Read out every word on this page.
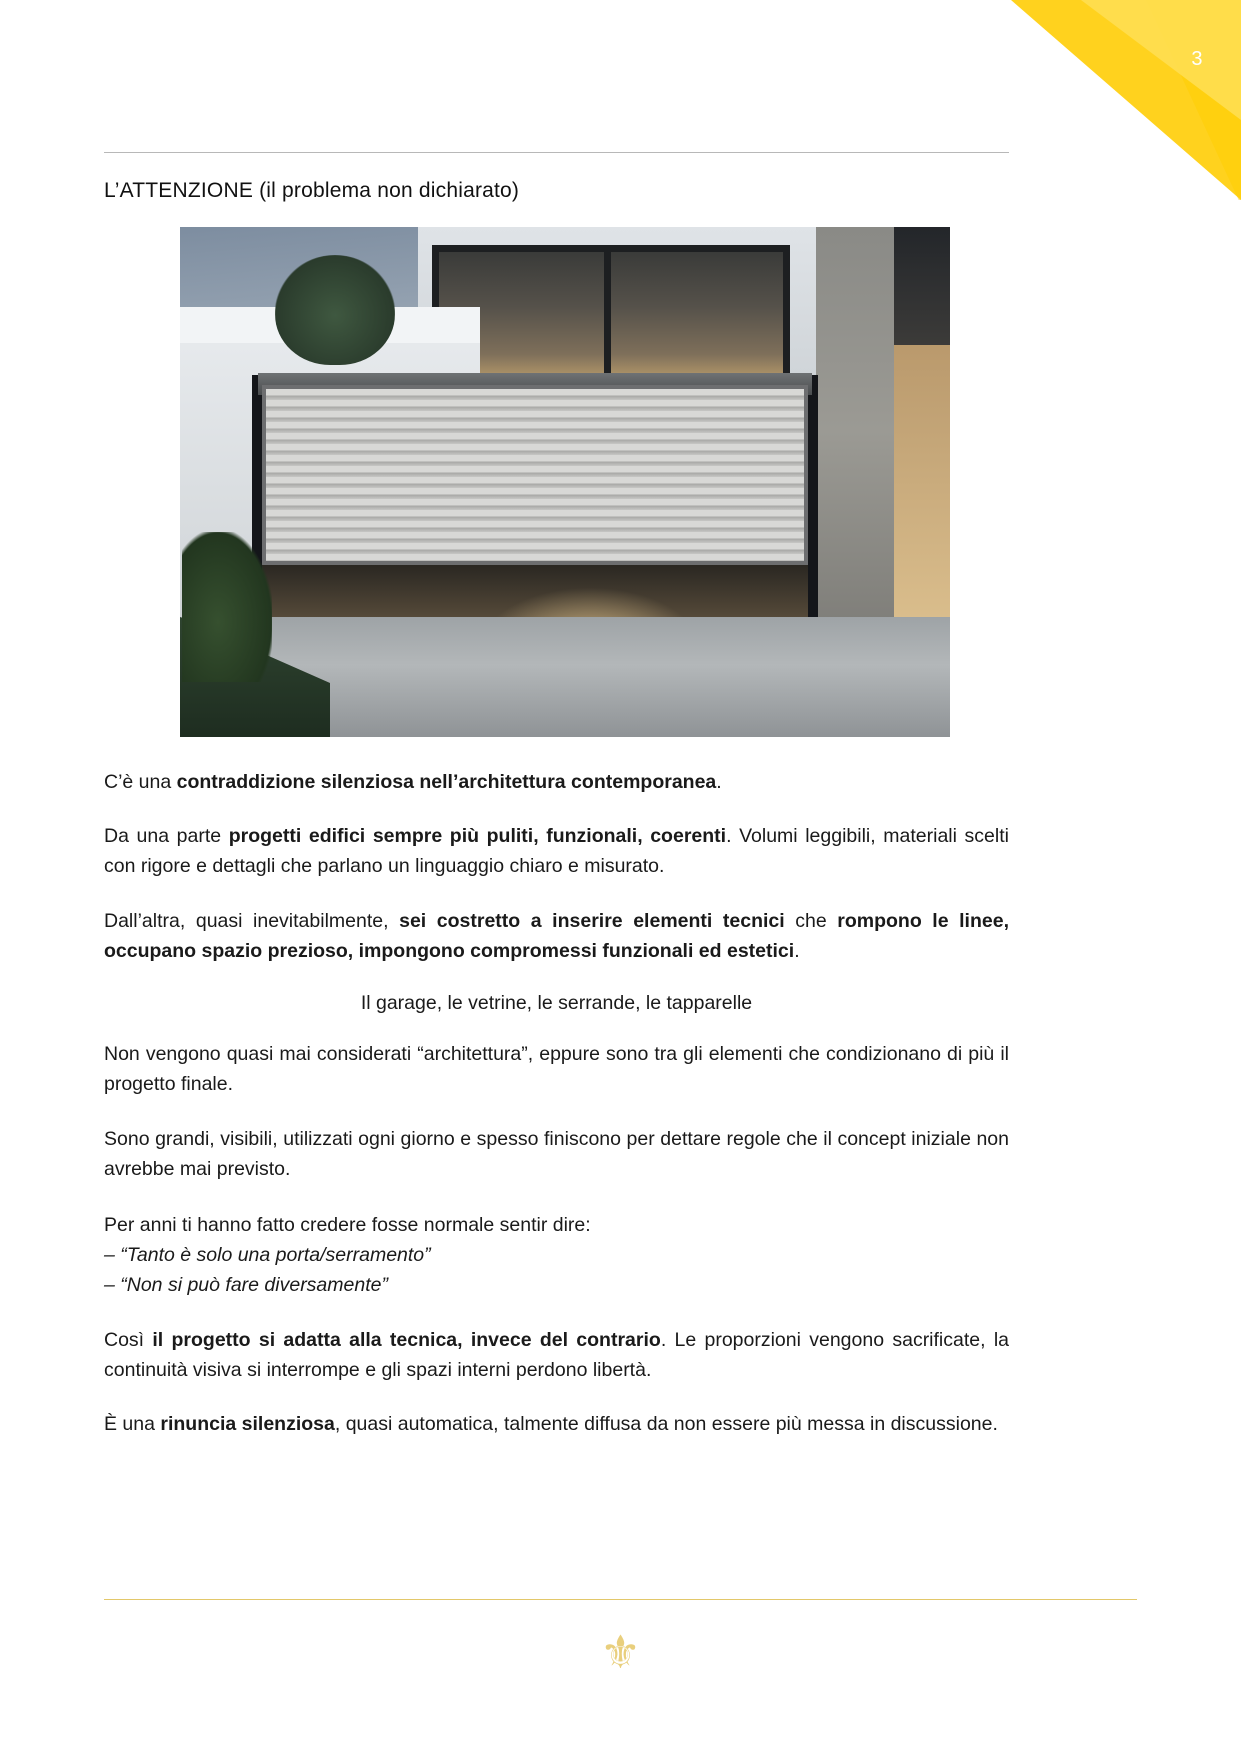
3
L’ATTENZIONE (il problema non dichiarato)

C’è una contraddizione silenziosa nell’architettura contemporanea.

Da una parte progetti edifici sempre più puliti, funzionali, coerenti. Volumi leggibili, materiali scelti con rigore e dettagli che parlano un linguaggio chiaro e misurato.

Dall’altra, quasi inevitabilmente, sei costretto a inserire elementi tecnici che rompono le linee, occupano spazio prezioso, impongono compromessi funzionali ed estetici.

Il garage, le vetrine, le serrande, le tapparelle

Non vengono quasi mai considerati “architettura”, eppure sono tra gli elementi che condizionano di più il progetto finale.

Sono grandi, visibili, utilizzati ogni giorno e spesso finiscono per dettare regole che il concept iniziale non avrebbe mai previsto.

Per anni ti hanno fatto credere fosse normale sentir dire:
– “Tanto è solo una porta/serramento”
– “Non si può fare diversamente”

Così il progetto si adatta alla tecnica, invece del contrario. Le proporzioni vengono sacrificate, la continuità visiva si interrompe e gli spazi interni perdono libertà.

È una rinuncia silenziosa, quasi automatica, talmente diffusa da non essere più messa in discussione.

⚜
